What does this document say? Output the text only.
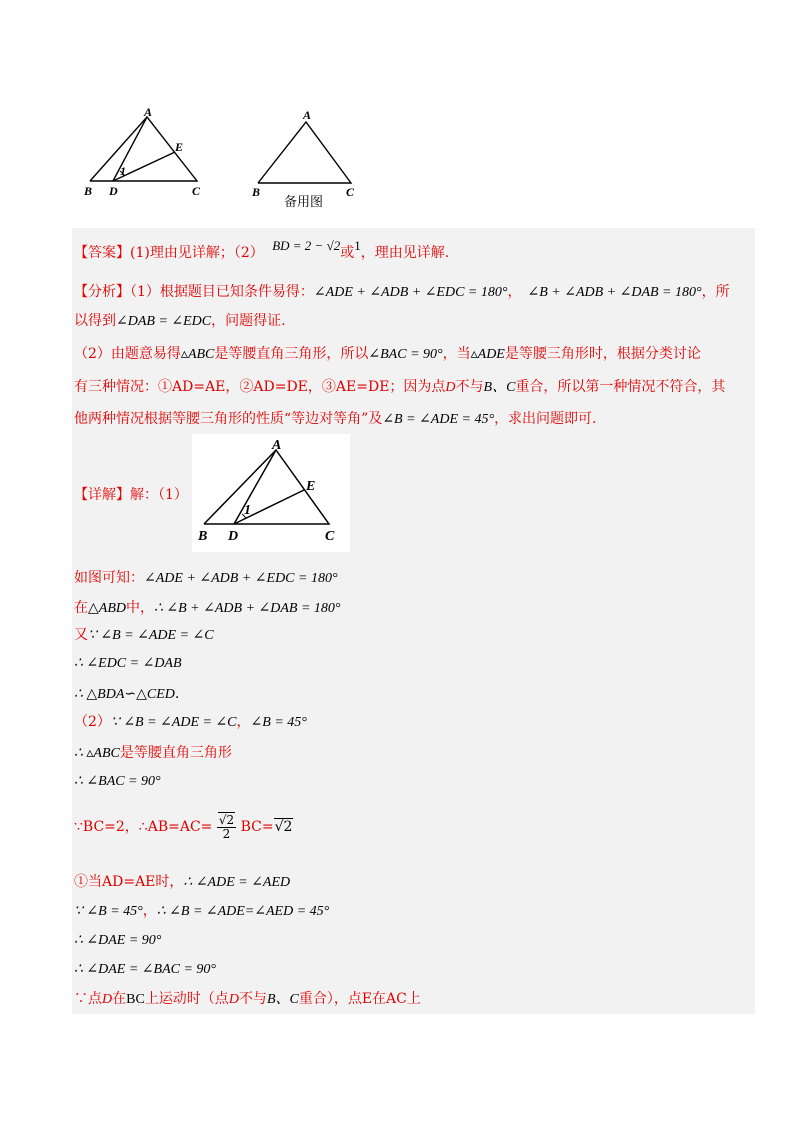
A
E
1
B D	C
A
B	C
备用图
【答案】(1)理由见详解；（2） BD = 2 − √2或1，理由见详解.
【分析】（1）根据题目已知条件易得：∠ADE + ∠ADB + ∠EDC = 180°， ∠B + ∠ADB + ∠DAB = 180°，所
以得到∠DAB = ∠EDC，问题得证.
（2）由题意易得▵ABC是等腰直角三角形，所以∠BAC = 90°，当▵ADE是等腰三角形时，根据分类讨论
有三种情况：①AD=AE，②AD=DE，③AE=DE；因为点D不与B、C重合，所以第一种情况不符合，其
他两种情况根据等腰三角形的性质“等边对等角”及∠B = ∠ADE = 45°，求出问题即可.
A
E
1
B D	C
【详解】解：（1）
如图可知：∠ADE + ∠ADB + ∠EDC = 180°
在△ABD中，∴ ∠B + ∠ADB + ∠DAB = 180°
又∵ ∠B = ∠ADE = ∠C
∴ ∠EDC = ∠DAB
∴ △BDA∽△CED.
（2）∵ ∠B = ∠ADE = ∠C，∠B = 45°
∴ ▵ABC是等腰直角三角形
∴ ∠BAC = 90°
∵BC=2，∴AB=AC= $\frac{√2}{2} BC=√2$
①当AD=AE时，∴ ∠ADE = ∠AED
∵ ∠B = 45°，∴ ∠B = ∠ADE=∠AED = 45°
∴ ∠DAE = 90°
∴ ∠DAE = ∠BAC = 90°
∵点D在BC上运动时（点D不与B、C重合），点E在AC上
